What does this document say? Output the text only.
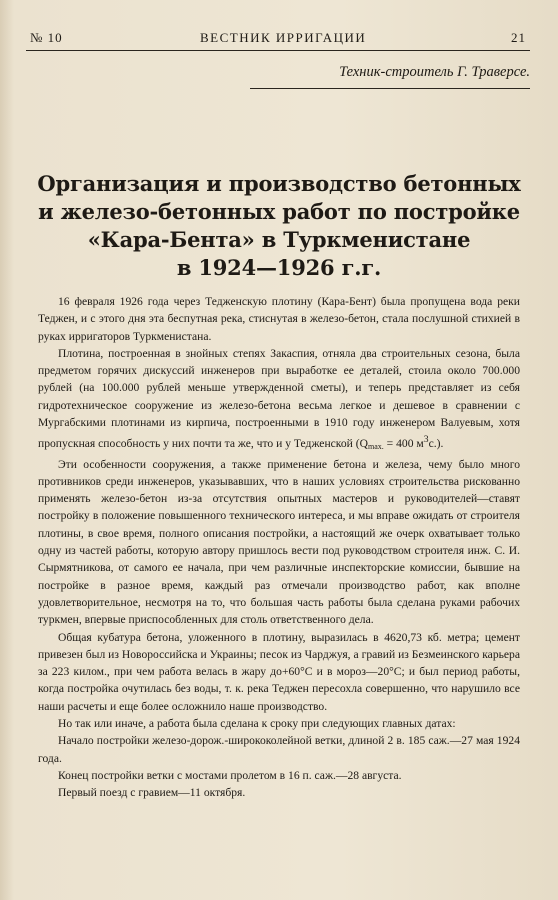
№ 10	ВЕСТНИК ИРРИГАЦИИ	21
Техник-строитель Г. Траверсе.
Организация и производство бетонных
и железо-бетонных работ по постройке
«Кара-Бента» в Туркменистане
в 1924—1926 г.г.

16 февраля 1926 года через Тедженскую плотину (Кара-Бент) была пропущена вода реки Теджен, и с этого дня эта беспутная река, стиснутая в железо-бетон, стала послушной стихией в руках ирригаторов Туркменистана.

Плотина, построенная в знойных степях Закаспия, отняла два строительных сезона, была предметом горячих дискуссий инженеров при выработке ее деталей, стоила около 700.000 рублей (на 100.000 рублей меньше утвержденной сметы), и теперь представляет из себя гидротехническое сооружение из железо-бетона весьма легкое и дешевое в сравнении с Мургабскими плотинами из кирпича, построенными в 1910 году инженером Валуевым, хотя пропускная способность у них почти та же, что и у Тедженской ($Q_{max.} = 400$ $м^3с$.).

Эти особенности сооружения, а также применение бетона и железа, чему было много противников среди инженеров, указывавших, что в наших условиях строительства рискованно применять железо-бетон из-за отсутствия опытных мастеров и руководителей—ставят постройку в положение повышенного технического интереса, и мы вправе ожидать от строителя плотины, в свое время, полного описания постройки, а настоящий же очерк охватывает только одну из частей работы, которую автору пришлось вести под руководством строителя инж. С. И. Сырмятникова, от самого ее начала, при чем различные инспекторские комиссии, бывшие на постройке в разное время, каждый раз отмечали производство работ, как вполне удовлетворительное, несмотря на то, что большая часть работы была сделана руками рабочих туркмен, впервые приспособленных для столь ответственного дела.

Общая кубатура бетона, уложенного в плотину, выразилась в 4620,73 кб. метра; цемент привезен был из Новороссийска и Украины; песок из Чарджуя, а гравий из Безмеинского карьера за 223 килом., при чем работа велась в жару до+60°C и в мороз—20°C; и был период работы, когда постройка очутилась без воды, т. к. река Теджен пересохла совершенно, что нарушило все наши расчеты и еще более осложнило наше производство.

Но так или иначе, а работа была сделана к сроку при следующих главных датах:

Начало постройки железо-дорож.-ширококолейной ветки, длиной 2 в. 185 саж.—27 мая 1924 года.

Конец постройки ветки с мостами пролетом в 16 п. саж.—28 августа.

Первый поезд с гравием—11 октября.
